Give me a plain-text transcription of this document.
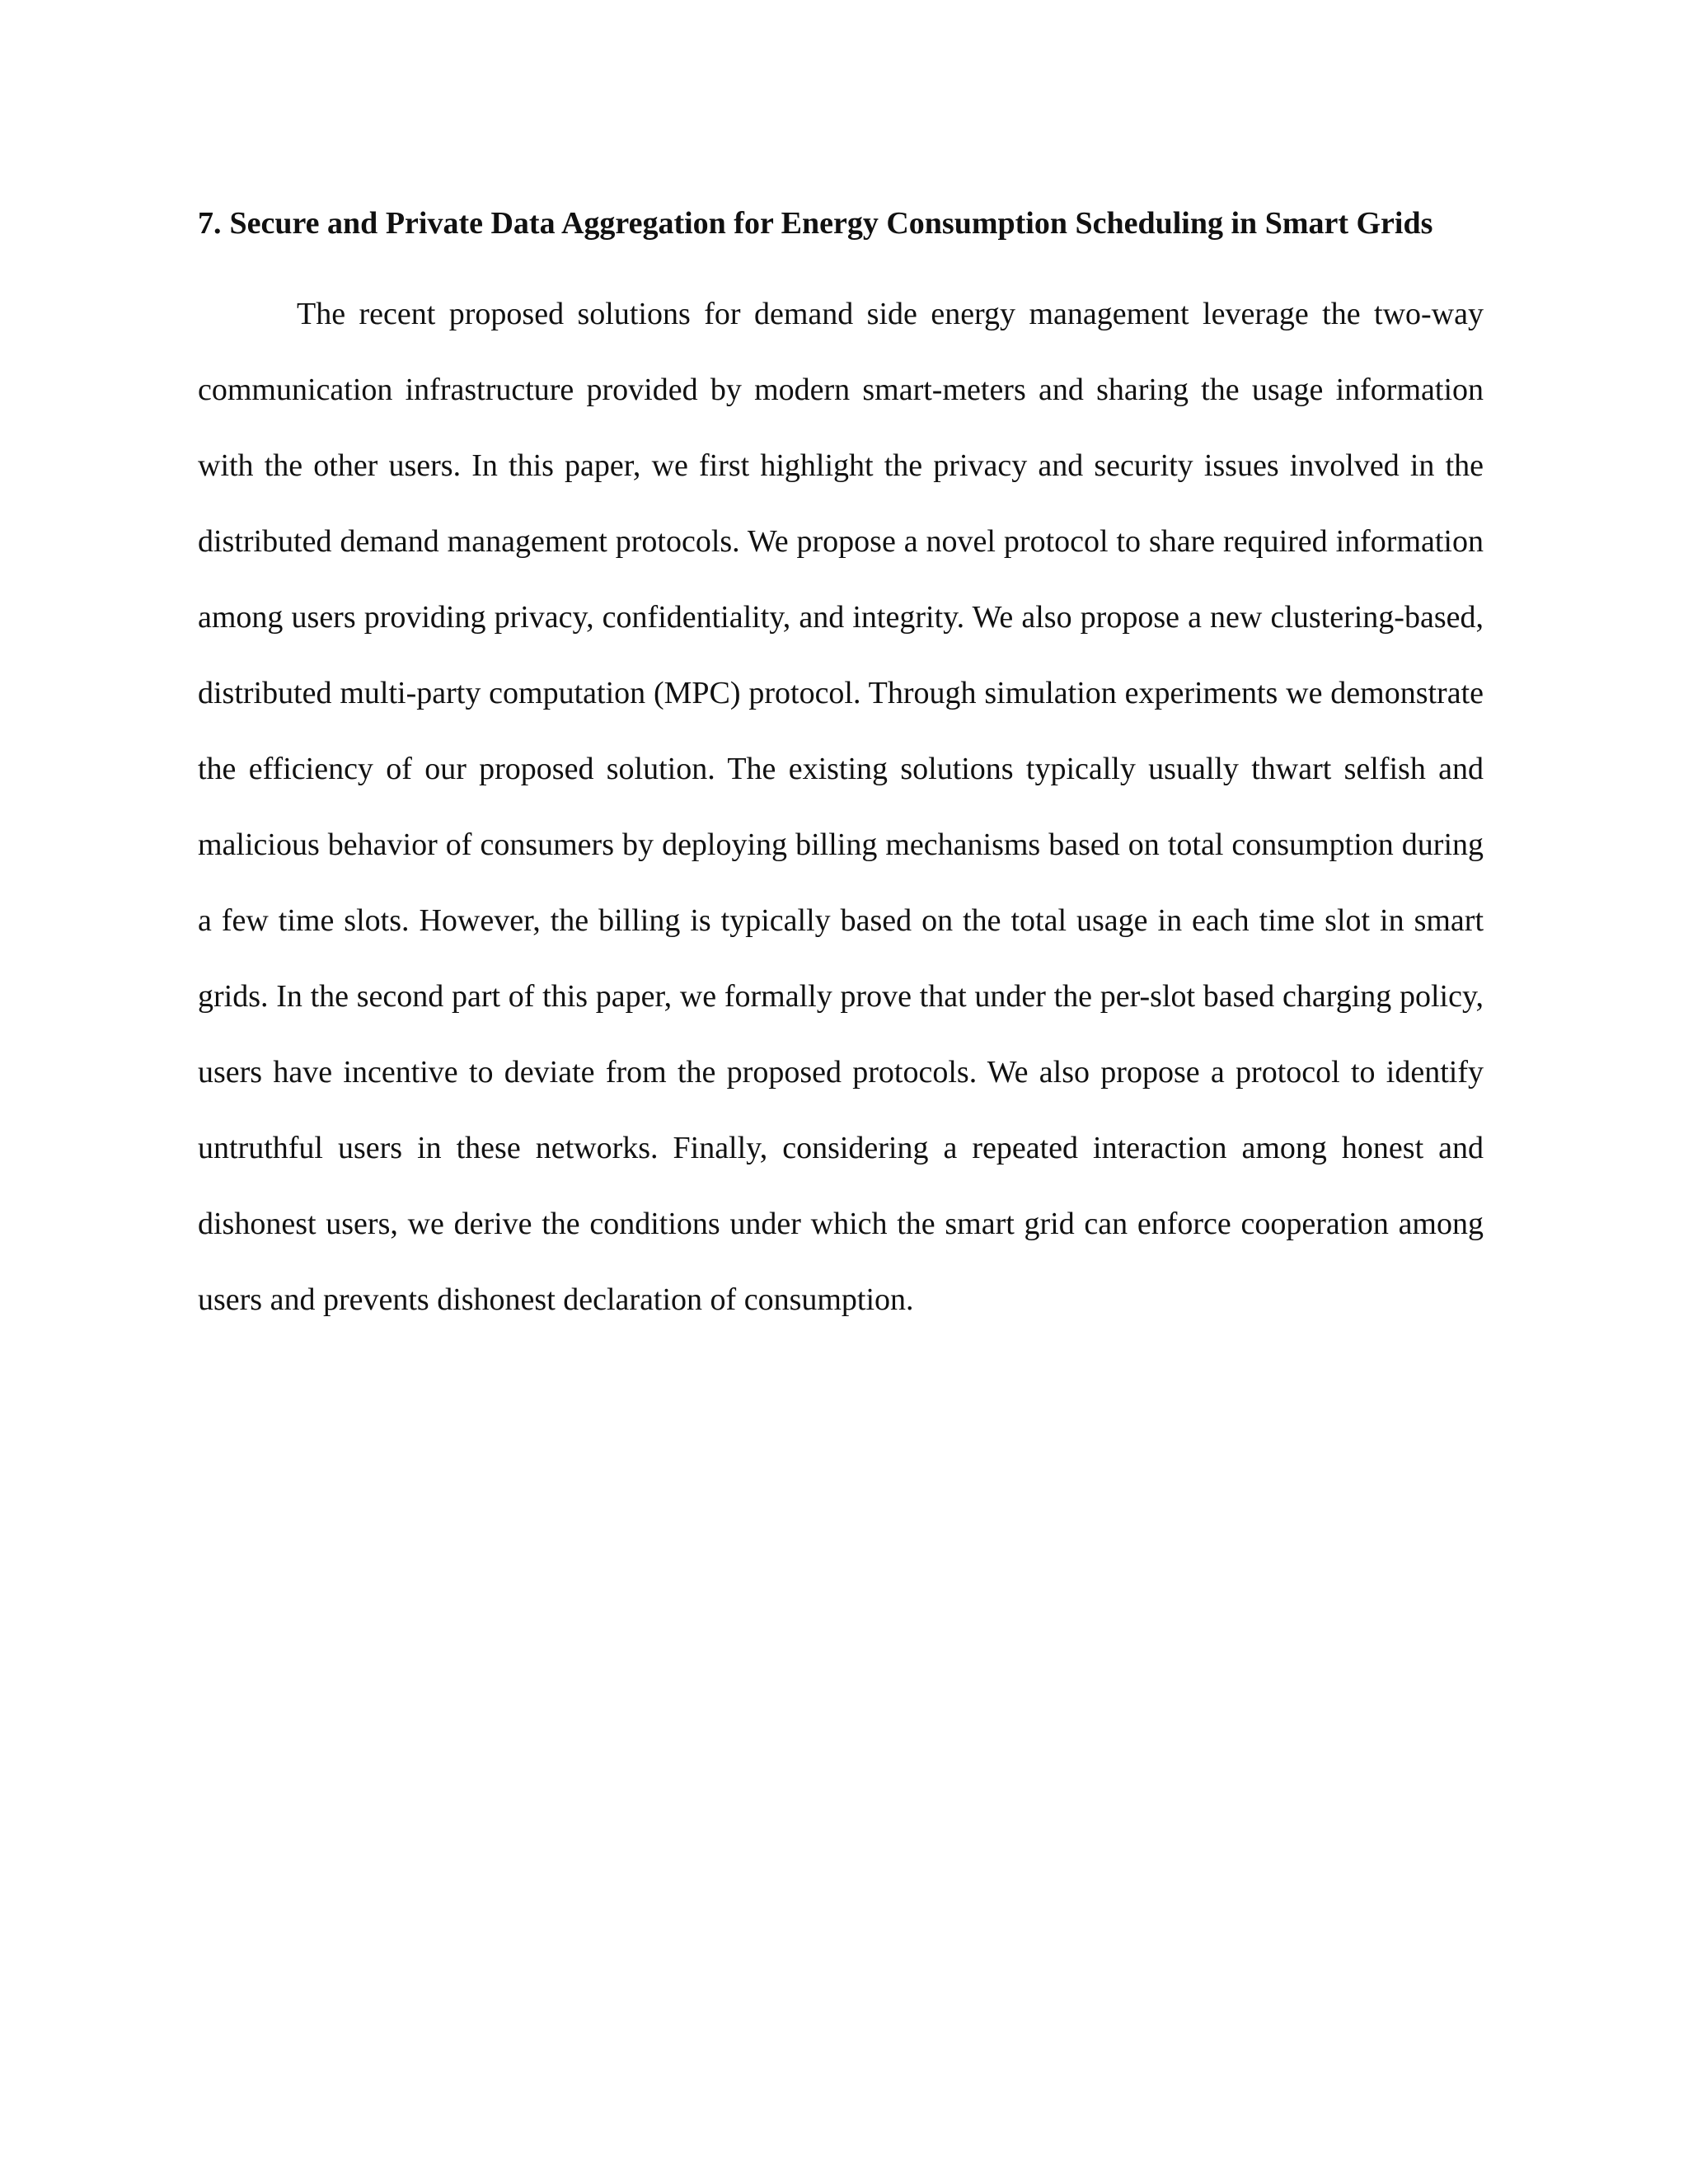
7. Secure and Private Data Aggregation for Energy Consumption Scheduling in Smart Grids

The recent proposed solutions for demand side energy management leverage the two-way communication infrastructure provided by modern smart-meters and sharing the usage information with the other users. In this paper, we first highlight the privacy and security issues involved in the distributed demand management protocols. We propose a novel protocol to share required information among users providing privacy, confidentiality, and integrity. We also propose a new clustering-based, distributed multi-party computation (MPC) protocol. Through simulation experiments we demonstrate the efficiency of our proposed solution. The existing solutions typically usually thwart selfish and malicious behavior of consumers by deploying billing mechanisms based on total consumption during a few time slots. However, the billing is typically based on the total usage in each time slot in smart grids. In the second part of this paper, we formally prove that under the per-slot based charging policy, users have incentive to deviate from the proposed protocols. We also propose a protocol to identify untruthful users in these networks. Finally, considering a repeated interaction among honest and dishonest users, we derive the conditions under which the smart grid can enforce cooperation among users and prevents dishonest declaration of consumption.
